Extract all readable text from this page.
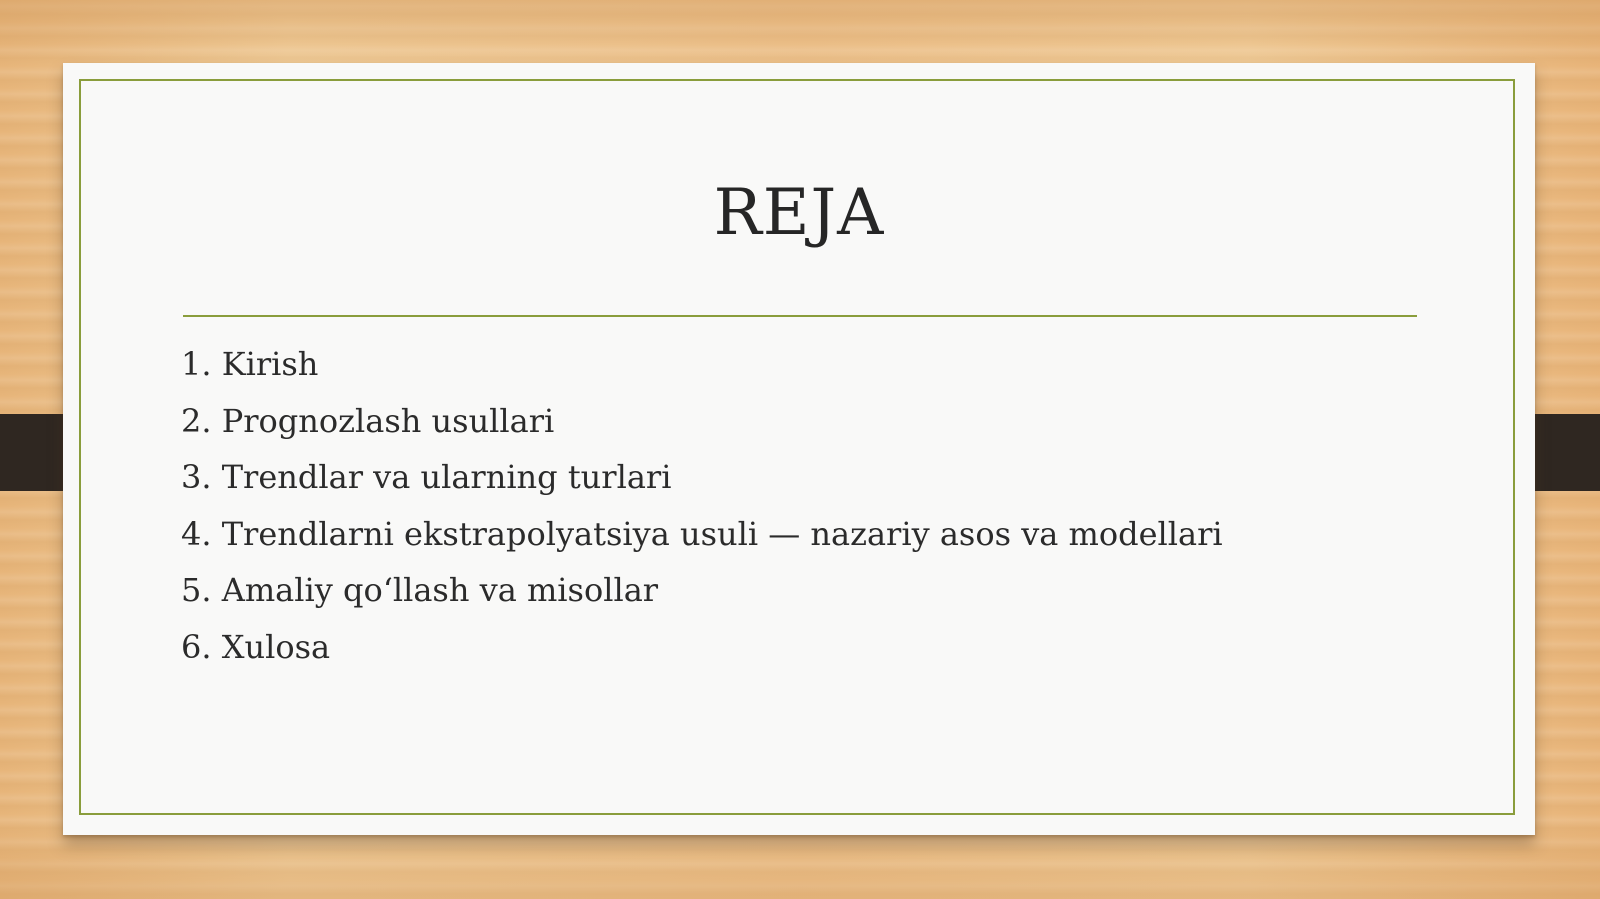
REJA
1. Kirish
2. Prognozlash usullari
3. Trendlar va ularning turlari
4. Trendlarni ekstrapolyatsiya usuli — nazariy asos va modellari
5. Amaliy qo‘llash va misollar
6. Xulosa
